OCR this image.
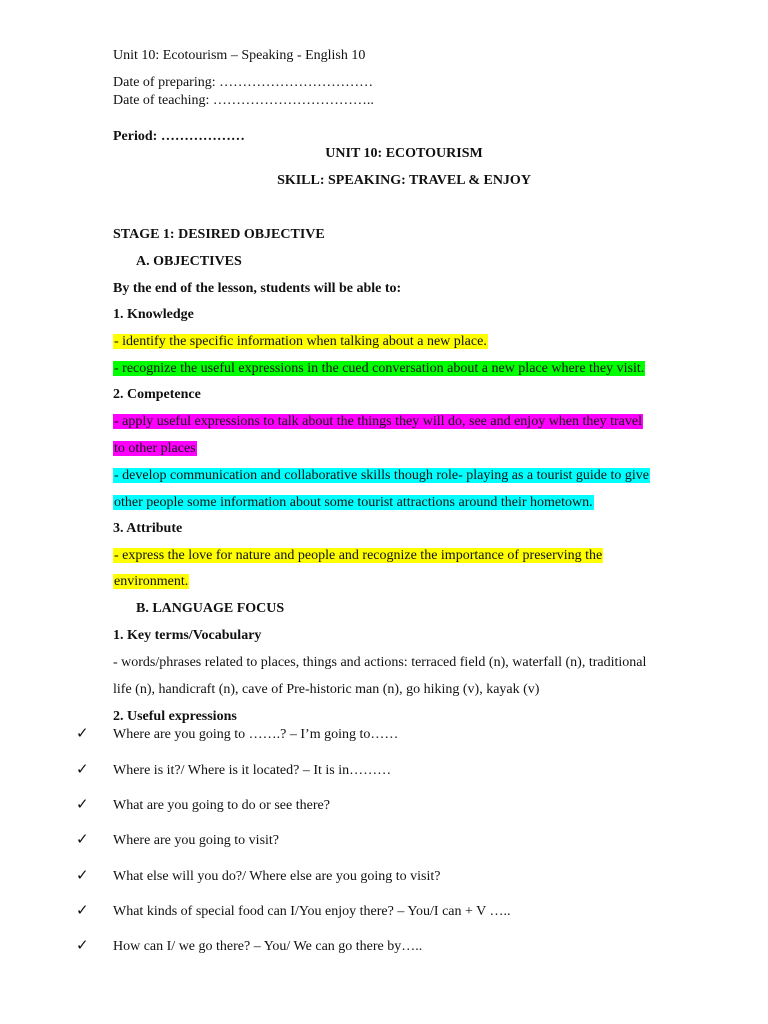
Unit 10: Ecotourism – Speaking - English 10
Date of preparing: ……………………………
Date of teaching: ……………………………..
Period: ………………
UNIT 10: ECOTOURISM
SKILL: SPEAKING: TRAVEL & ENJOY
STAGE 1: DESIRED OBJECTIVE
A. OBJECTIVES
By the end of the lesson, students will be able to:
1. Knowledge
- identify the specific information when talking about a new place.
- recognize the useful expressions in the cued conversation about a new place where they visit.
2. Competence
- apply useful expressions to talk about the things they will do, see and enjoy when they travel
to other places
- develop communication and collaborative skills though role- playing as a tourist guide to give
other people some information about some tourist attractions around their hometown.
3. Attribute
- express the love for nature and people and recognize the importance of preserving the
environment.
B. LANGUAGE FOCUS
1. Key terms/Vocabulary
- words/phrases related to places, things and actions: terraced field (n), waterfall (n), traditional
life (n), handicraft (n), cave of Pre-historic man (n), go hiking (v), kayak (v)
2. Useful expressions
✓ Where are you going to …….? – I’m going to……
✓ Where is it?/ Where is it located? – It is in………
✓ What are you going to do or see there?
✓ Where are you going to visit?
✓ What else will you do?/ Where else are you going to visit?
✓ What kinds of special food can I/You enjoy there? – You/I can + V …..
✓ How can I/ we go there? – You/ We can go there by…..
